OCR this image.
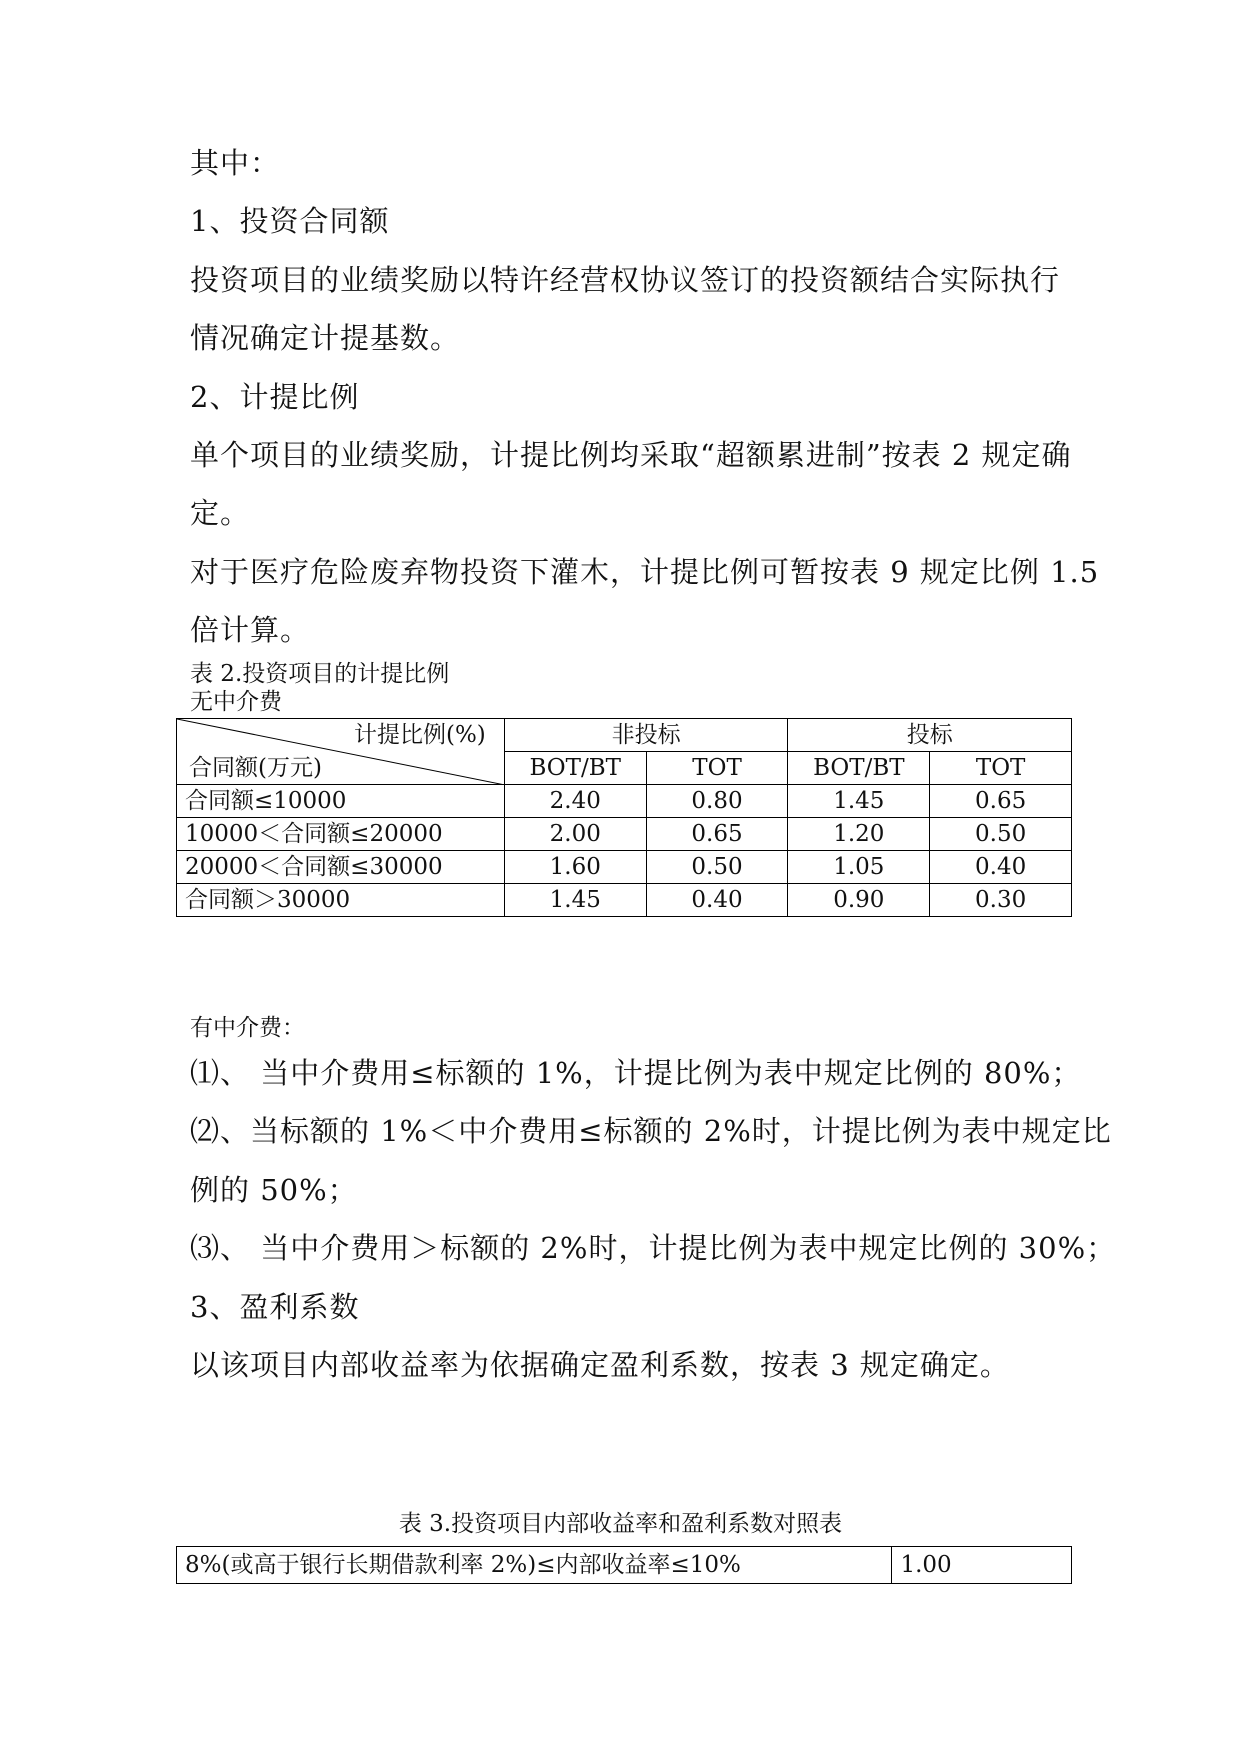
其中：
1、投资合同额
投资项目的业绩奖励以特许经营权协议签订的投资额结合实际执行
情况确定计提基数。
2、计提比例
单个项目的业绩奖励，计提比例均采取“超额累进制”按表 2 规定确
定。
对于医疗危险废弃物投资下灌木，计提比例可暂按表 9 规定比例 1.5
倍计算。
表 2.投资项目的计提比例
无中介费
计提比例(%)
合同额(万元)	非投标		投标	
	BOT/BT	TOT	BOT/BT	TOT
合同额≤10000	2.40	0.80	1.45	0.65
10000＜合同额≤20000	2.00	0.65	1.20	0.50
20000＜合同额≤30000	1.60	0.50	1.05	0.40
合同额＞30000	1.45	0.40	0.90	0.30
有中介费：
⑴、 当中介费用≤标额的 1%，计提比例为表中规定比例的 80%；
⑵、当标额的 1%＜中介费用≤标额的 2%时，计提比例为表中规定比
例的 50%；
⑶、 当中介费用＞标额的 2%时，计提比例为表中规定比例的 30%；
3、盈利系数
以该项目内部收益率为依据确定盈利系数，按表 3 规定确定。
表 3.投资项目内部收益率和盈利系数对照表
8%(或高于银行长期借款利率 2%)≤内部收益率≤10%	1.00
